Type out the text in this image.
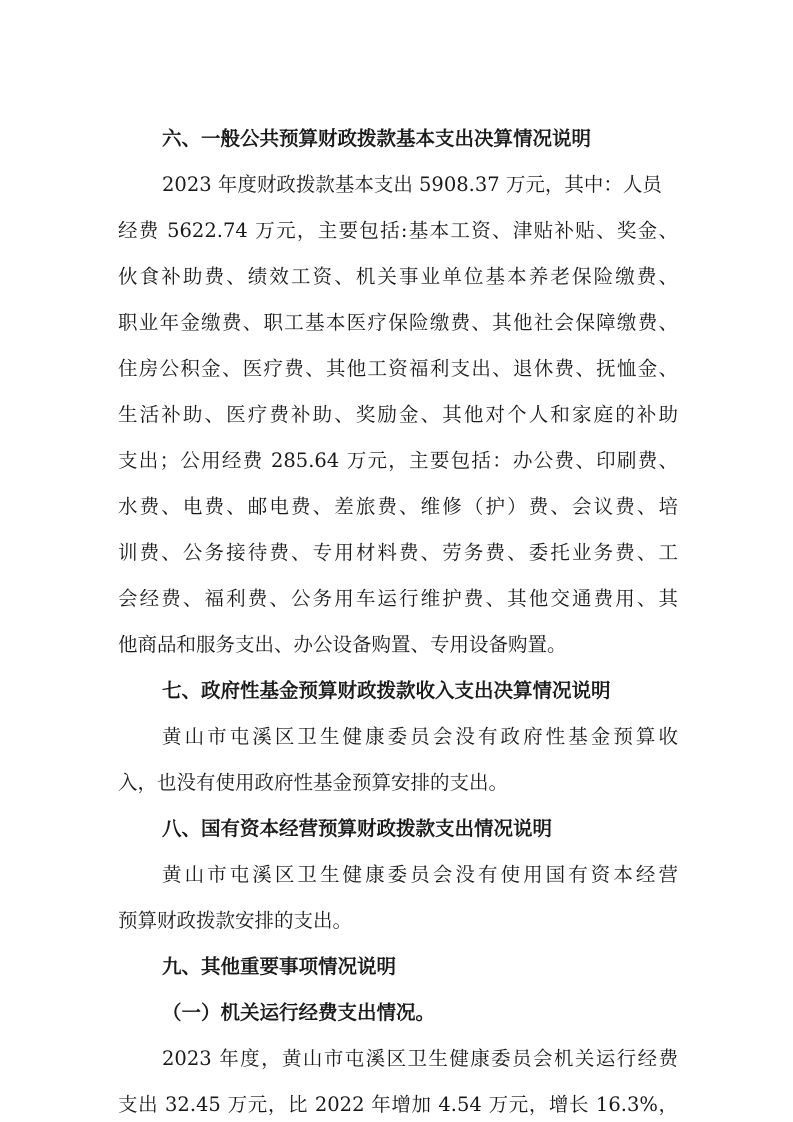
六、一般公共预算财政拨款基本支出决算情况说明
2023 年度财政拨款基本支出 5908.37 万元，其中：人员
经费 5622.74 万元，主要包括:基本工资、津贴补贴、奖金、
伙食补助费、绩效工资、机关事业单位基本养老保险缴费、
职业年金缴费、职工基本医疗保险缴费、其他社会保障缴费、
住房公积金、医疗费、其他工资福利支出、退休费、抚恤金、
生活补助、医疗费补助、奖励金、其他对个人和家庭的补助
支出；公用经费 285.64 万元，主要包括：办公费、印刷费、
水费、电费、邮电费、差旅费、维修（护）费、会议费、培
训费、公务接待费、专用材料费、劳务费、委托业务费、工
会经费、福利费、公务用车运行维护费、其他交通费用、其
他商品和服务支出、办公设备购置、专用设备购置。
七、政府性基金预算财政拨款收入支出决算情况说明
黄山市屯溪区卫生健康委员会没有政府性基金预算收
入，也没有使用政府性基金预算安排的支出。
八、国有资本经营预算财政拨款支出情况说明
黄山市屯溪区卫生健康委员会没有使用国有资本经营
预算财政拨款安排的支出。
九、其他重要事项情况说明
（一）机关运行经费支出情况。
2023 年度，黄山市屯溪区卫生健康委员会机关运行经费
支出 32.45 万元，比 2022 年增加 4.54 万元，增长 16.3%，
